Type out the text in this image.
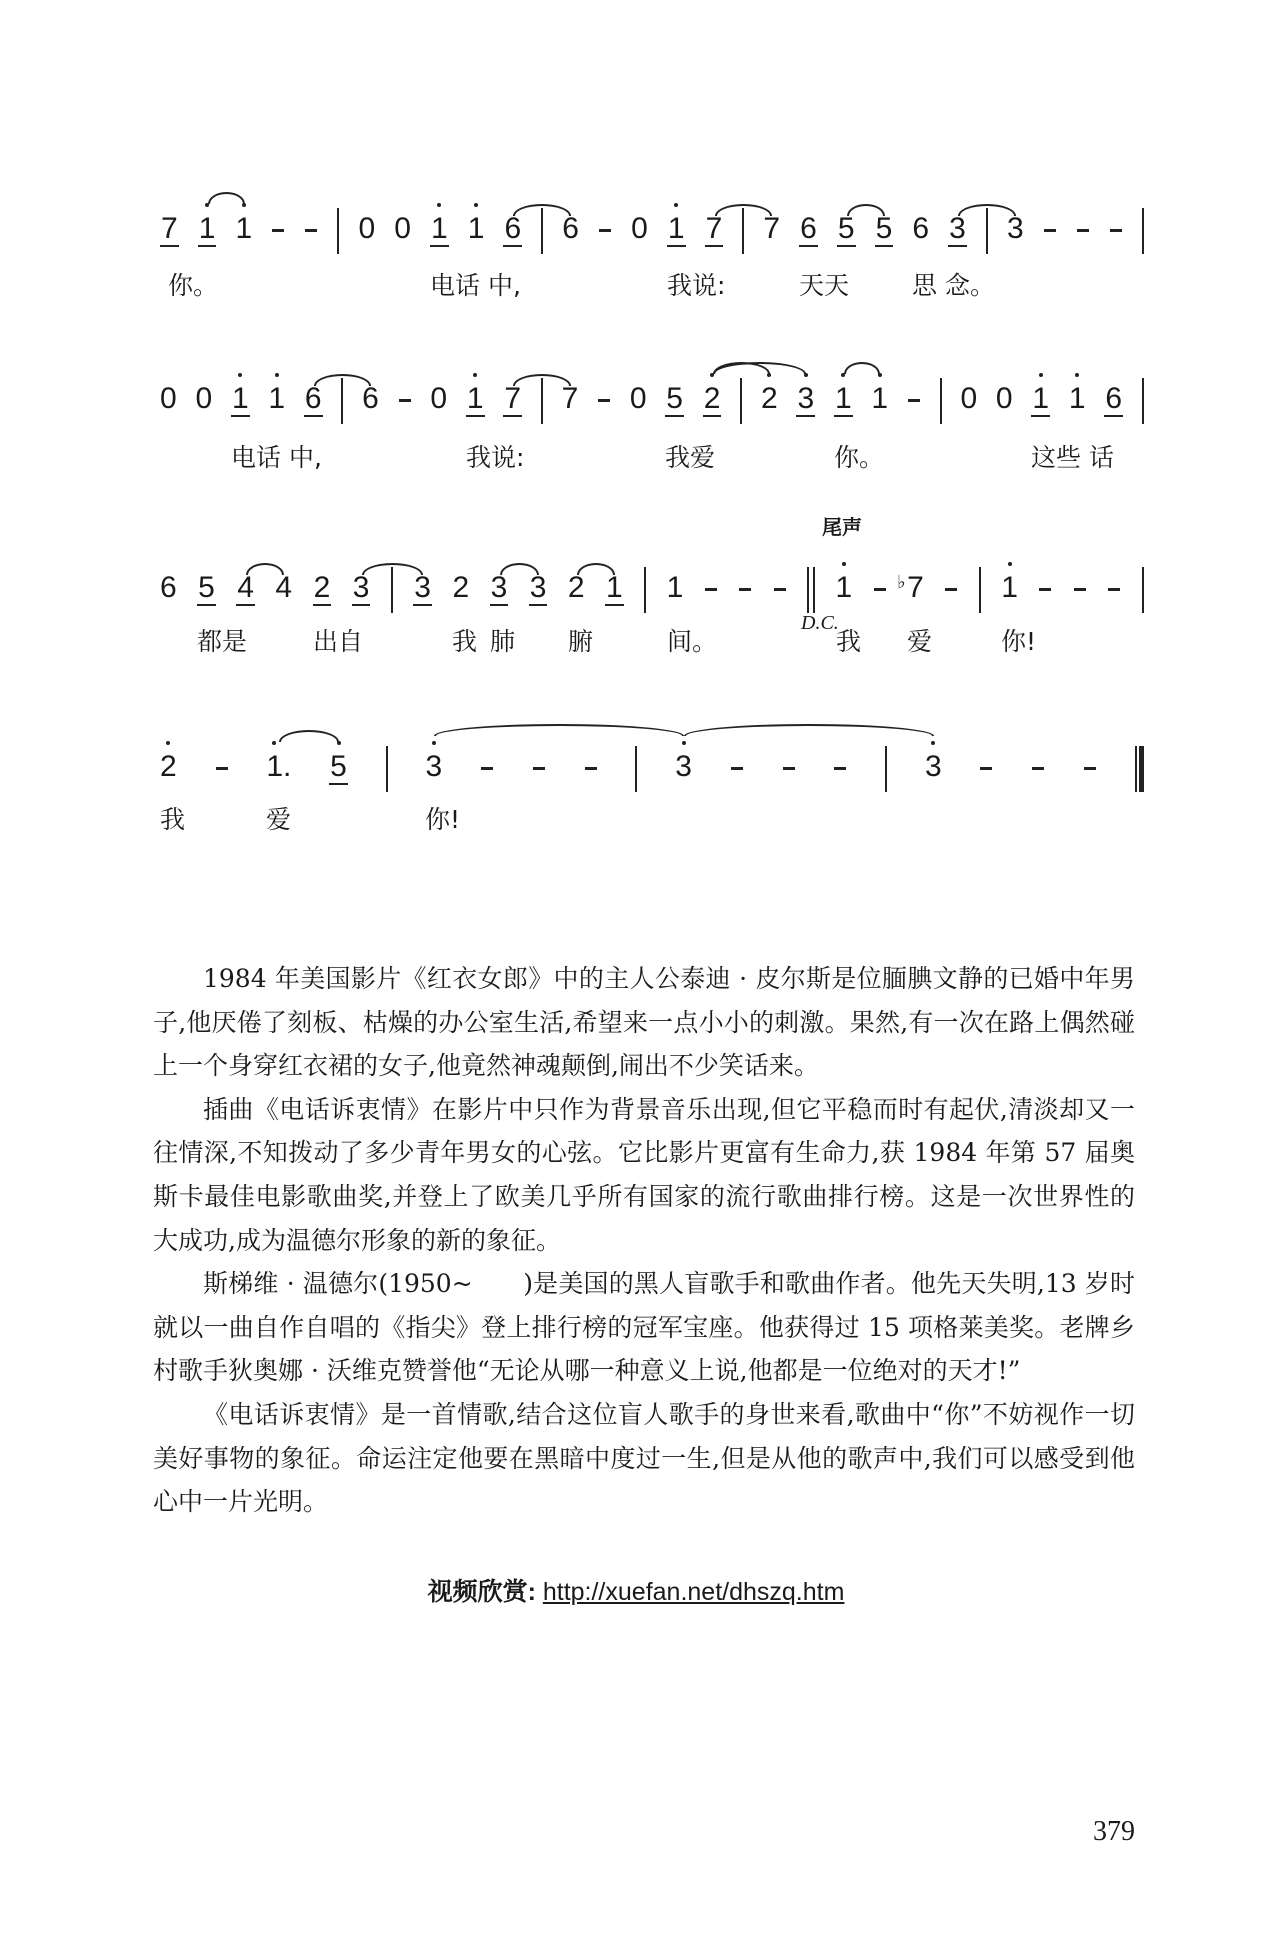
7 1 1	0 0 1 1 6 6 0 1 7 7 6 5 5 6 3 3
0 0 1 1 6 6 0 1 7 7 0 5 2 2 3 1 1 0 0 1 1 6
6 5 4 4 2 3 3 2 3 3 2 1 1	1 7
♭	1
2	1. 5	3	3	3

1984 年美国影片《红衣女郎》中的主人公泰迪 · 皮尔斯是位腼腆文静的已婚中年男子,他厌倦了刻板、枯燥的办公室生活,希望来一点小小的刺激。果然,有一次在路上偶然碰上一个身穿红衣裙的女子,他竟然神魂颠倒,闹出不少笑话来。

插曲《电话诉衷情》在影片中只作为背景音乐出现,但它平稳而时有起伏,清淡却又一往情深,不知拨动了多少青年男女的心弦。它比影片更富有生命力,获 1984 年第 57 届奥斯卡最佳电影歌曲奖,并登上了欧美几乎所有国家的流行歌曲排行榜。这是一次世界性的大成功,成为温德尔形象的新的象征。

斯梯维 · 温德尔(1950~　　)是美国的黑人盲歌手和歌曲作者。他先天失明,13 岁时就以一曲自作自唱的《指尖》登上排行榜的冠军宝座。他获得过 15 项格莱美奖。老牌乡村歌手狄奥娜 · 沃维克赞誉他“无论从哪一种意义上说,他都是一位绝对的天才!”

《电话诉衷情》是一首情歌,结合这位盲人歌手的身世来看,歌曲中“你”不妨视作一切美好事物的象征。命运注定他要在黑暗中度过一生,但是从他的歌声中,我们可以感受到他心中一片光明。

视频欣赏: http://xuefan.net/dhszq.htm
379
你。	电话 中,	我说:	天天	思 念。
电话 中,	我说:	我爱	你。	这些 话
都是	出自	我 肺 腑	间。	我 爱	你!
尾声
D.C.
我	爱	你!
